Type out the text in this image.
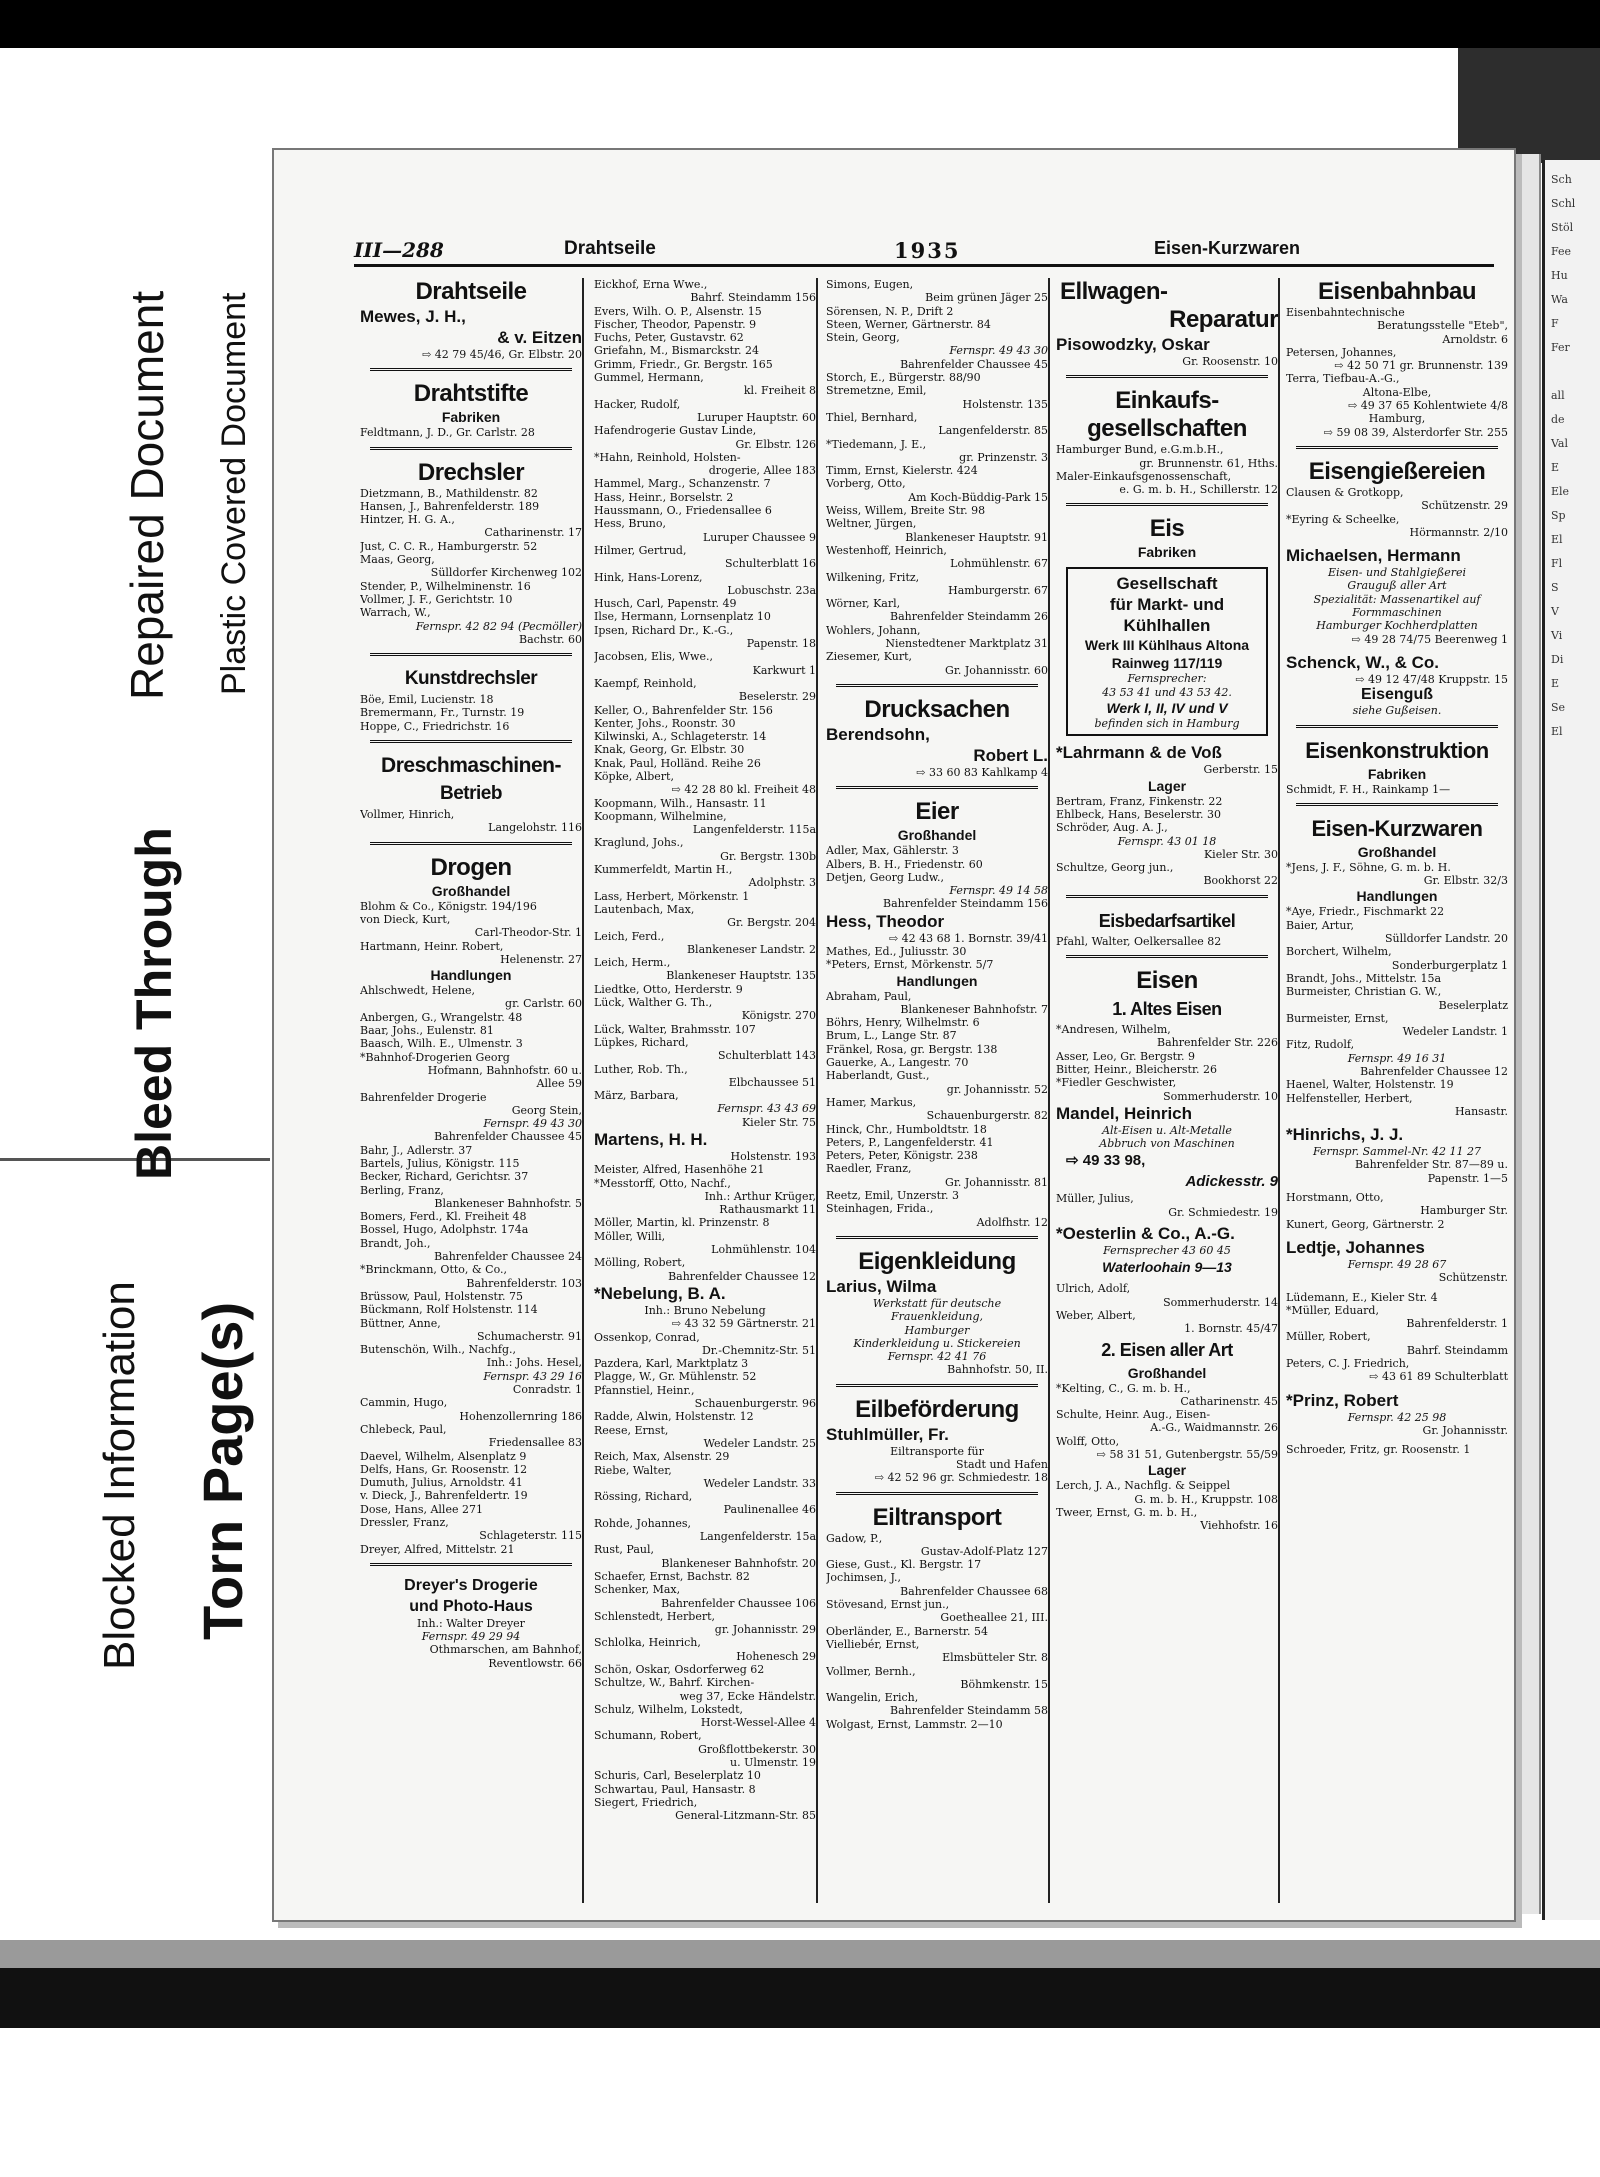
Repaired Document Plastic Covered Document
Bleed Through
Blocked Information Torn Page(s)
Sch
Schl
Stöl
Fee
Hu
Wa
F
Fer

all
de
Val
E
Ele
Sp
El
Fl
S
V
Vi
Di
E
Se
El
III—288	Drahtseile	1935	Eisen-Kurzwaren

Drahtseile

Mewes, J. H.,

& v. Eitzen

⇨ 42 79 45/46, Gr. Elbstr. 20

Drahtstifte

Fabriken

Feldtmann, J. D., Gr. Carlstr. 28

Drechsler

Dietzmann, B., Mathildenstr. 82

Hansen, J., Bahrenfelderstr. 189

Hintzer, H. G. A.,

Catharinenstr. 17

Just, C. C. R., Hamburgerstr. 52

Maas, Georg,

Sülldorfer Kirchenweg 102

Stender, P., Wilhelminenstr. 16

Vollmer, J. F., Gerichtstr. 10

Warrach, W.,

Fernspr. 42 82 94 (Pecmöller)

Bachstr. 60

Kunstdrechsler

Böe, Emil, Lucienstr. 18

Bremermann, Fr., Turnstr. 19

Hoppe, C., Friedrichstr. 16

Dreschmaschinen-

Betrieb

Vollmer, Hinrich,

Langelohstr. 116

Drogen

Großhandel

Blohm & Co., Königstr. 194/196

von Dieck, Kurt,

Carl-Theodor-Str. 1

Hartmann, Heinr. Robert,

Helenenstr. 27

Handlungen

Ahlschwedt, Helene,

gr. Carlstr. 60

Anbergen, G., Wrangelstr. 48

Baar, Johs., Eulenstr. 81

Baasch, Wilh. E., Ulmenstr. 3

*Bahnhof-Drogerien Georg

Hofmann, Bahnhofstr. 60 u.

Allee 59

Bahrenfelder Drogerie

Georg Stein,

Fernspr. 49 43 30

Bahrenfelder Chaussee 45

Bahr, J., Adlerstr. 37

Bartels, Julius, Königstr. 115

Becker, Richard, Gerichtsr. 37

Berling, Franz,

Blankeneser Bahnhofstr. 5

Bomers, Ferd., Kl. Freiheit 48

Bossel, Hugo, Adolphstr. 174a

Brandt, Joh.,

Bahrenfelder Chaussee 24

*Brinckmann, Otto, & Co.,

Bahrenfelderstr. 103

Brüssow, Paul, Holstenstr. 75

Bückmann, Rolf Holstenstr. 114

Büttner, Anne,

Schumacherstr. 91

Butenschön, Wilh., Nachfg.,

Inh.: Johs. Hesel,

Fernspr. 43 29 16

Conradstr. 1

Cammin, Hugo,

Hohenzollernring 186

Chlebeck, Paul,

Friedensallee 83

Daevel, Wilhelm, Alsenplatz 9

Delfs, Hans, Gr. Roosenstr. 12

Dumuth, Julius, Arnoldstr. 41

v. Dieck, J., Bahrenfeldertr. 19

Dose, Hans, Allee 271

Dressler, Franz,

Schlageterstr. 115

Dreyer, Alfred, Mittelstr. 21

Dreyer's Drogerie

und Photo-Haus

Inh.: Walter Dreyer

Fernspr. 49 29 94

Othmarschen, am Bahnhof,

Reventlowstr. 66

Eickhof, Erna Wwe.,

Bahrf. Steindamm 156

Evers, Wilh. O. P., Alsenstr. 15

Fischer, Theodor, Papenstr. 9

Fuchs, Peter, Gustavstr. 62

Griefahn, M., Bismarckstr. 24

Grimm, Friedr., Gr. Bergstr. 165

Gummel, Hermann,

kl. Freiheit 8

Hacker, Rudolf,

Luruper Hauptstr. 60

Hafendrogerie Gustav Linde,

Gr. Elbstr. 126

*Hahn, Reinhold, Holsten-

drogerie, Allee 183

Hammel, Marg., Schanzenstr. 7

Hass, Heinr., Borselstr. 2

Haussmann, O., Friedensallee 6

Hess, Bruno,

Luruper Chaussee 9

Hilmer, Gertrud,

Schulterblatt 16

Hink, Hans-Lorenz,

Lobuschstr. 23a

Husch, Carl, Papenstr. 49

Ilse, Hermann, Lornsenplatz 10

Ipsen, Richard Dr., K.-G.,

Papenstr. 18

Jacobsen, Elis, Wwe.,

Karkwurt 1

Kaempf, Reinhold,

Beselerstr. 29

Keller, O., Bahrenfelder Str. 156

Kenter, Johs., Roonstr. 30

Kilwinski, A., Schlageterstr. 14

Knak, Georg, Gr. Elbstr. 30

Knak, Paul, Holländ. Reihe 26

Köpke, Albert,

⇨ 42 28 80 kl. Freiheit 48

Koopmann, Wilh., Hansastr. 11

Koopmann, Wilhelmine,

Langenfelderstr. 115a

Kraglund, Johs.,

Gr. Bergstr. 130b

Kummerfeldt, Martin H.,

Adolphstr. 3

Lass, Herbert, Mörkenstr. 1

Lautenbach, Max,

Gr. Bergstr. 204

Leich, Ferd.,

Blankeneser Landstr. 2

Leich, Herm.,

Blankeneser Hauptstr. 135

Liedtke, Otto, Herderstr. 9

Lück, Walther G. Th.,

Königstr. 270

Lück, Walter, Brahmsstr. 107

Lüpkes, Richard,

Schulterblatt 143

Luther, Rob. Th.,

Elbchaussee 51

März, Barbara,

Fernspr. 43 43 69

Kieler Str. 75

Martens, H. H.

Holstenstr. 193

Meister, Alfred, Hasenhöhe 21

*Messtorff, Otto, Nachf.,

Inh.: Arthur Krüger,

Rathausmarkt 11

Möller, Martin, kl. Prinzenstr. 8

Möller, Willi,

Lohmühlenstr. 104

Mölling, Robert,

Bahrenfelder Chaussee 12

*Nebelung, B. A.

Inh.: Bruno Nebelung

⇨ 43 32 59 Gärtnerstr. 21

Ossenkop, Conrad,

Dr.-Chemnitz-Str. 51

Pazdera, Karl, Marktplatz 3

Plagge, W., Gr. Mühlenstr. 52

Pfannstiel, Heinr.,

Schauenburgerstr. 96

Radde, Alwin, Holstenstr. 12

Reese, Ernst,

Wedeler Landstr. 25

Reich, Max, Alsenstr. 29

Riebe, Walter,

Wedeler Landstr. 33

Rössing, Richard,

Paulinenallee 46

Rohde, Johannes,

Langenfelderstr. 15a

Rust, Paul,

Blankeneser Bahnhofstr. 20

Schaefer, Ernst, Bachstr. 82

Schenker, Max,

Bahrenfelder Chaussee 106

Schlenstedt, Herbert,

gr. Johannisstr. 29

Schlolka, Heinrich,

Hohenesch 29

Schön, Oskar, Osdorferweg 62

Schultze, W., Bahrf. Kirchen-

weg 37, Ecke Händelstr.

Schulz, Wilhelm, Lokstedt,

Horst-Wessel-Allee 4

Schumann, Robert,

Großflottbekerstr. 30

u. Ulmenstr. 19

Schuris, Carl, Beselerplatz 10

Schwartau, Paul, Hansastr. 8

Siegert, Friedrich,

General-Litzmann-Str. 85

Simons, Eugen,

Beim grünen Jäger 25

Sörensen, N. P., Drift 2

Steen, Werner, Gärtnerstr. 84

Stein, Georg,

Fernspr. 49 43 30

Bahrenfelder Chaussee 45

Storch, E., Bürgerstr. 88/90

Stremetzne, Emil,

Holstenstr. 135

Thiel, Bernhard,

Langenfelderstr. 85

*Tiedemann, J. E.,

gr. Prinzenstr. 3

Timm, Ernst, Kielerstr. 424

Vorberg, Otto,

Am Koch-Büddig-Park 15

Weiss, Willem, Breite Str. 98

Weltner, Jürgen,

Blankeneser Hauptstr. 91

Westenhoff, Heinrich,

Lohmühlenstr. 67

Wilkening, Fritz,

Hamburgerstr. 67

Wörner, Karl,

Bahrenfelder Steindamm 26

Wohlers, Johann,

Nienstedtener Marktplatz 31

Ziesemer, Kurt,

Gr. Johannisstr. 60

Drucksachen

Berendsohn,

Robert L.

⇨ 33 60 83 Kahlkamp 4

Eier

Großhandel

Adler, Max, Gählerstr. 3

Albers, B. H., Friedenstr. 60

Detjen, Georg Ludw.,

Fernspr. 49 14 58

Bahrenfelder Steindamm 156

Hess, Theodor

⇨ 42 43 68 1. Bornstr. 39/41

Mathes, Ed., Juliusstr. 30

*Peters, Ernst, Mörkenstr. 5/7

Handlungen

Abraham, Paul,

Blankeneser Bahnhofstr. 7

Böhrs, Henry, Wilhelmstr. 6

Brum, L., Lange Str. 87

Fränkel, Rosa, gr. Bergstr. 138

Gauerke, A., Langestr. 70

Haberlandt, Gust.,

gr. Johannisstr. 52

Hamer, Markus,

Schauenburgerstr. 82

Hinck, Chr., Humboldtstr. 18

Peters, P., Langenfelderstr. 41

Peters, Peter, Königstr. 238

Raedler, Franz,

Gr. Johannisstr. 81

Reetz, Emil, Unzerstr. 3

Steinhagen, Frida.,

Adolfhstr. 12

Eigenkleidung

Larius, Wilma

Werkstatt für deutsche

Frauenkleidung,

Hamburger

Kinderkleidung u. Stickereien

Fernspr. 42 41 76

Bahnhofstr. 50, II.

Eilbeförderung

Stuhlmüller, Fr.

Eiltransporte für

Stadt und Hafen

⇨ 42 52 96 gr. Schmiedestr. 18

Eiltransport

Gadow, P.,

Gustav-Adolf-Platz 127

Giese, Gust., Kl. Bergstr. 17

Jochimsen, J.,

Bahrenfelder Chaussee 68

Stövesand, Ernst jun.,

Goetheallee 21, III.

Oberländer, E., Barnerstr. 54

Vielliebér, Ernst,

Elmsbütteler Str. 8

Vollmer, Bernh.,

Böhmkenstr. 15

Wangelin, Erich,

Bahrenfelder Steindamm 58

Wolgast, Ernst, Lammstr. 2—10

Ellwagen-

Reparatur

Pisowodzky, Oskar

Gr. Roosenstr. 10

Einkaufs-

gesellschaften

Hamburger Bund, e.G.m.b.H.,

gr. Brunnenstr. 61, Hths.

Maler-Einkaufsgenossenschaft,

e. G. m. b. H., Schillerstr. 12

Eis

Fabriken

Gesellschaft

für Markt- und

Kühlhallen

Werk III Kühlhaus Altona

Rainweg 117/119

Fernsprecher:

43 53 41 und 43 53 42.

Werk I, II, IV und V

befinden sich in Hamburg

*Lahrmann & de Voß

Gerberstr. 15

Lager

Bertram, Franz, Finkenstr. 22

Ehlbeck, Hans, Beselerstr. 30

Schröder, Aug. A. J.,

Fernspr. 43 01 18

Kieler Str. 30

Schultze, Georg jun.,

Bookhorst 22

Eisbedarfsartikel

Pfahl, Walter, Oelkersallee 82

Eisen

1. Altes Eisen

*Andresen, Wilhelm,

Bahrenfelder Str. 226

Asser, Leo, Gr. Bergstr. 9

Bitter, Heinr., Bleicherstr. 26

*Fiedler Geschwister,

Sommerhuderstr. 10

Mandel, Heinrich

Alt-Eisen u. Alt-Metalle

Abbruch von Maschinen

⇨ 49 33 98,

Adickesstr. 9

Müller, Julius,

Gr. Schmiedestr. 19

*Oesterlin & Co., A.-G.

Fernsprecher 43 60 45

Waterloohain 9—13

Ulrich, Adolf,

Sommerhuderstr. 14

Weber, Albert,

1. Bornstr. 45/47

2. Eisen aller Art

Großhandel

*Kelting, C., G. m. b. H.,

Catharinenstr. 45

Schulte, Heinr. Aug., Eisen-

A.-G., Waidmannstr. 26

Wolff, Otto,

⇨ 58 31 51, Gutenbergstr. 55/59

Lager

Lerch, J. A., Nachflg. & Seippel

G. m. b. H., Kruppstr. 108

Tweer, Ernst, G. m. b. H.,

Viehhofstr. 16

Eisenbahnbau

Eisenbahntechnische

Beratungsstelle "Eteb",

Arnoldstr. 6

Petersen, Johannes,

⇨ 42 50 71 gr. Brunnenstr. 139

Terra, Tiefbau-A.-G.,

Altona-Elbe,

⇨ 49 37 65 Kohlentwiete 4/8

Hamburg,

⇨ 59 08 39, Alsterdorfer Str. 255

Eisengießereien

Clausen & Grotkopp,

Schützenstr. 29

*Eyring & Scheelke,

Hörmannstr. 2/10

Michaelsen, Hermann

Eisen- und Stahlgießerei

Grauguß aller Art

Spezialität: Massenartikel auf

Formmaschinen

Hamburger Kochherdplatten

⇨ 49 28 74/75 Beerenweg 1

Schenck, W., & Co.

⇨ 49 12 47/48 Kruppstr. 15

Eisenguß

siehe Gußeisen.

Eisenkonstruktion

Fabriken

Schmidt, F. H., Rainkamp 1—

Eisen-Kurzwaren

Großhandel

*Jens, J. F., Söhne, G. m. b. H.

Gr. Elbstr. 32/3

Handlungen

*Aye, Friedr., Fischmarkt 22

Baier, Artur,

Sülldorfer Landstr. 20

Borchert, Wilhelm,

Sonderburgerplatz 1

Brandt, Johs., Mittelstr. 15a

Burmeister, Christian G. W.,

Beselerplatz

Burmeister, Ernst,

Wedeler Landstr. 1

Fitz, Rudolf,

Fernspr. 49 16 31

Bahrenfelder Chaussee 12

Haenel, Walter, Holstenstr. 19

Helfensteller, Herbert,

Hansastr.

*Hinrichs, J. J.

Fernspr. Sammel-Nr. 42 11 27

Bahrenfelder Str. 87—89 u.

Papenstr. 1—5

Horstmann, Otto,

Hamburger Str.

Kunert, Georg, Gärtnerstr. 2

Ledtje, Johannes

Fernspr. 49 28 67

Schützenstr.

Lüdemann, E., Kieler Str. 4

*Müller, Eduard,

Bahrenfelderstr. 1

Müller, Robert,

Bahrf. Steindamm

Peters, C. J. Friedrich,

⇨ 43 61 89 Schulterblatt

*Prinz, Robert

Fernspr. 42 25 98

Gr. Johannisstr.

Schroeder, Fritz, gr. Roosenstr. 1
